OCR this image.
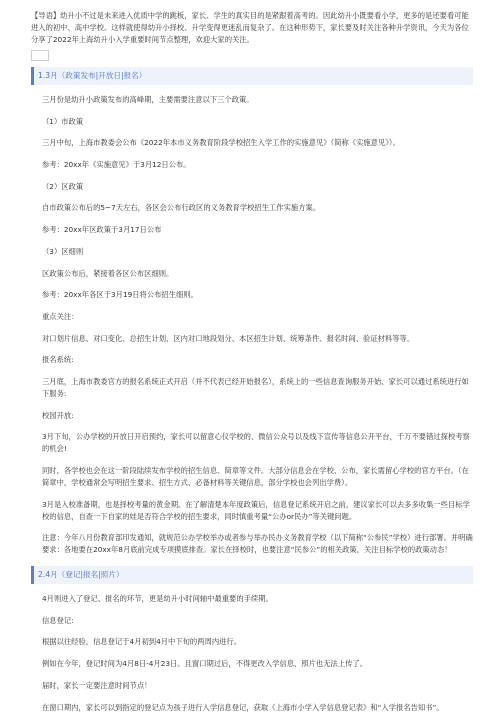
【导语】幼升小不过是未来进入优质中学的跳板，家长、学生的真实目的是紧跟着高考的。因此幼升小既要看小学，更多的是还要看可能进入的初中、高中学校。这样就使得幼升小择校、升学变得更迷乱而复杂了。在这种形势下，家长要及时关注各种升学资讯，今天为各位分享了2022年上海幼升小入学重要时间节点整理，欢迎大家的关注。
1.3月（政策发布|开放日|报名）
三月份是幼升小政策发布的高峰期，主要需要注意以下三个政策。
（1）市政策
三月中旬，上海市教委会公布《2022年本市义务教育阶段学校招生入学工作的实施意见》（简称《实施意见》）。
参考：20xx年《实施意见》于3月12日公布。
（2）区政策
自市政策公布后的5~7天左右，各区会公布行政区的义务教育学校招生工作实施方案。
参考：20xx年区政策于3月17日公布
（3）区细则
区政策公布后，紧接着各区公布区细则。
参考：20xx年各区于3月19日将公布招生细则。
重点关注：
对口划片信息、对口变化、总招生计划、区内对口地段划分、本区招生计划、统筹条件、报名时间、验证材料等等。
报名系统:
三月底，上海市教委官方的报名系统正式开启（并不代表已经开始报名），系统上的一些信息查询服务开始、家长可以通过系统进行如下服务:
校园开放:
3月下旬，公办学校的开放日开启预约，家长可以留意心仪学校的、微信公众号以及线下宣传等信息公开平台，千万不要错过探校考察的机会!
同时，各学校也会在这一阶段陆续发布学校的招生信息、简章等文件。大部分信息会在学校、公布，家长需留心学校的官方平台。（在简章中，学校通常会写明招生要求、招生方式、必备材料等关键信息，部分学校也会列出学费）。
3月是入校准备期，也是择校考量的黄金期。在了解清楚本年度政策后，信息登记系统开启之前，建议家长可以去多多收集一些目标学校的信息，自查一下自家的娃是否符合学校的招生要求，同时慎重考量“公办or民办”等关键问题。
注意：今年八月份教育部印发通知，就规范公办学校举办或者参与举办民办义务教育学校（以下简称“公参民”学校）进行部署。并明确要求：各地要在20xx年8月底前完成专项摸底排查。家长在择校时，也要注意“民参公”的相关政策，关注目标学校的政策动态！
2.4月（登记|报名|照片）
4月则进入了登记、报名的环节，更是幼升小时间轴中最重要的手续期。
信息登记:
根据以往经验，信息登记于4月初到4月中下旬的两周内进行。
例如在今年，登记时间为4月8日-4月23日。且窗口期过后，不得更改入学信息，照片也无法上传了。
届时，家长一定要注意时间节点！
在窗口期内，家长可以到指定的登记点为孩子进行入学信息登记，获取《上海市小学入学信息登记表》和“入学报名告知书”。
